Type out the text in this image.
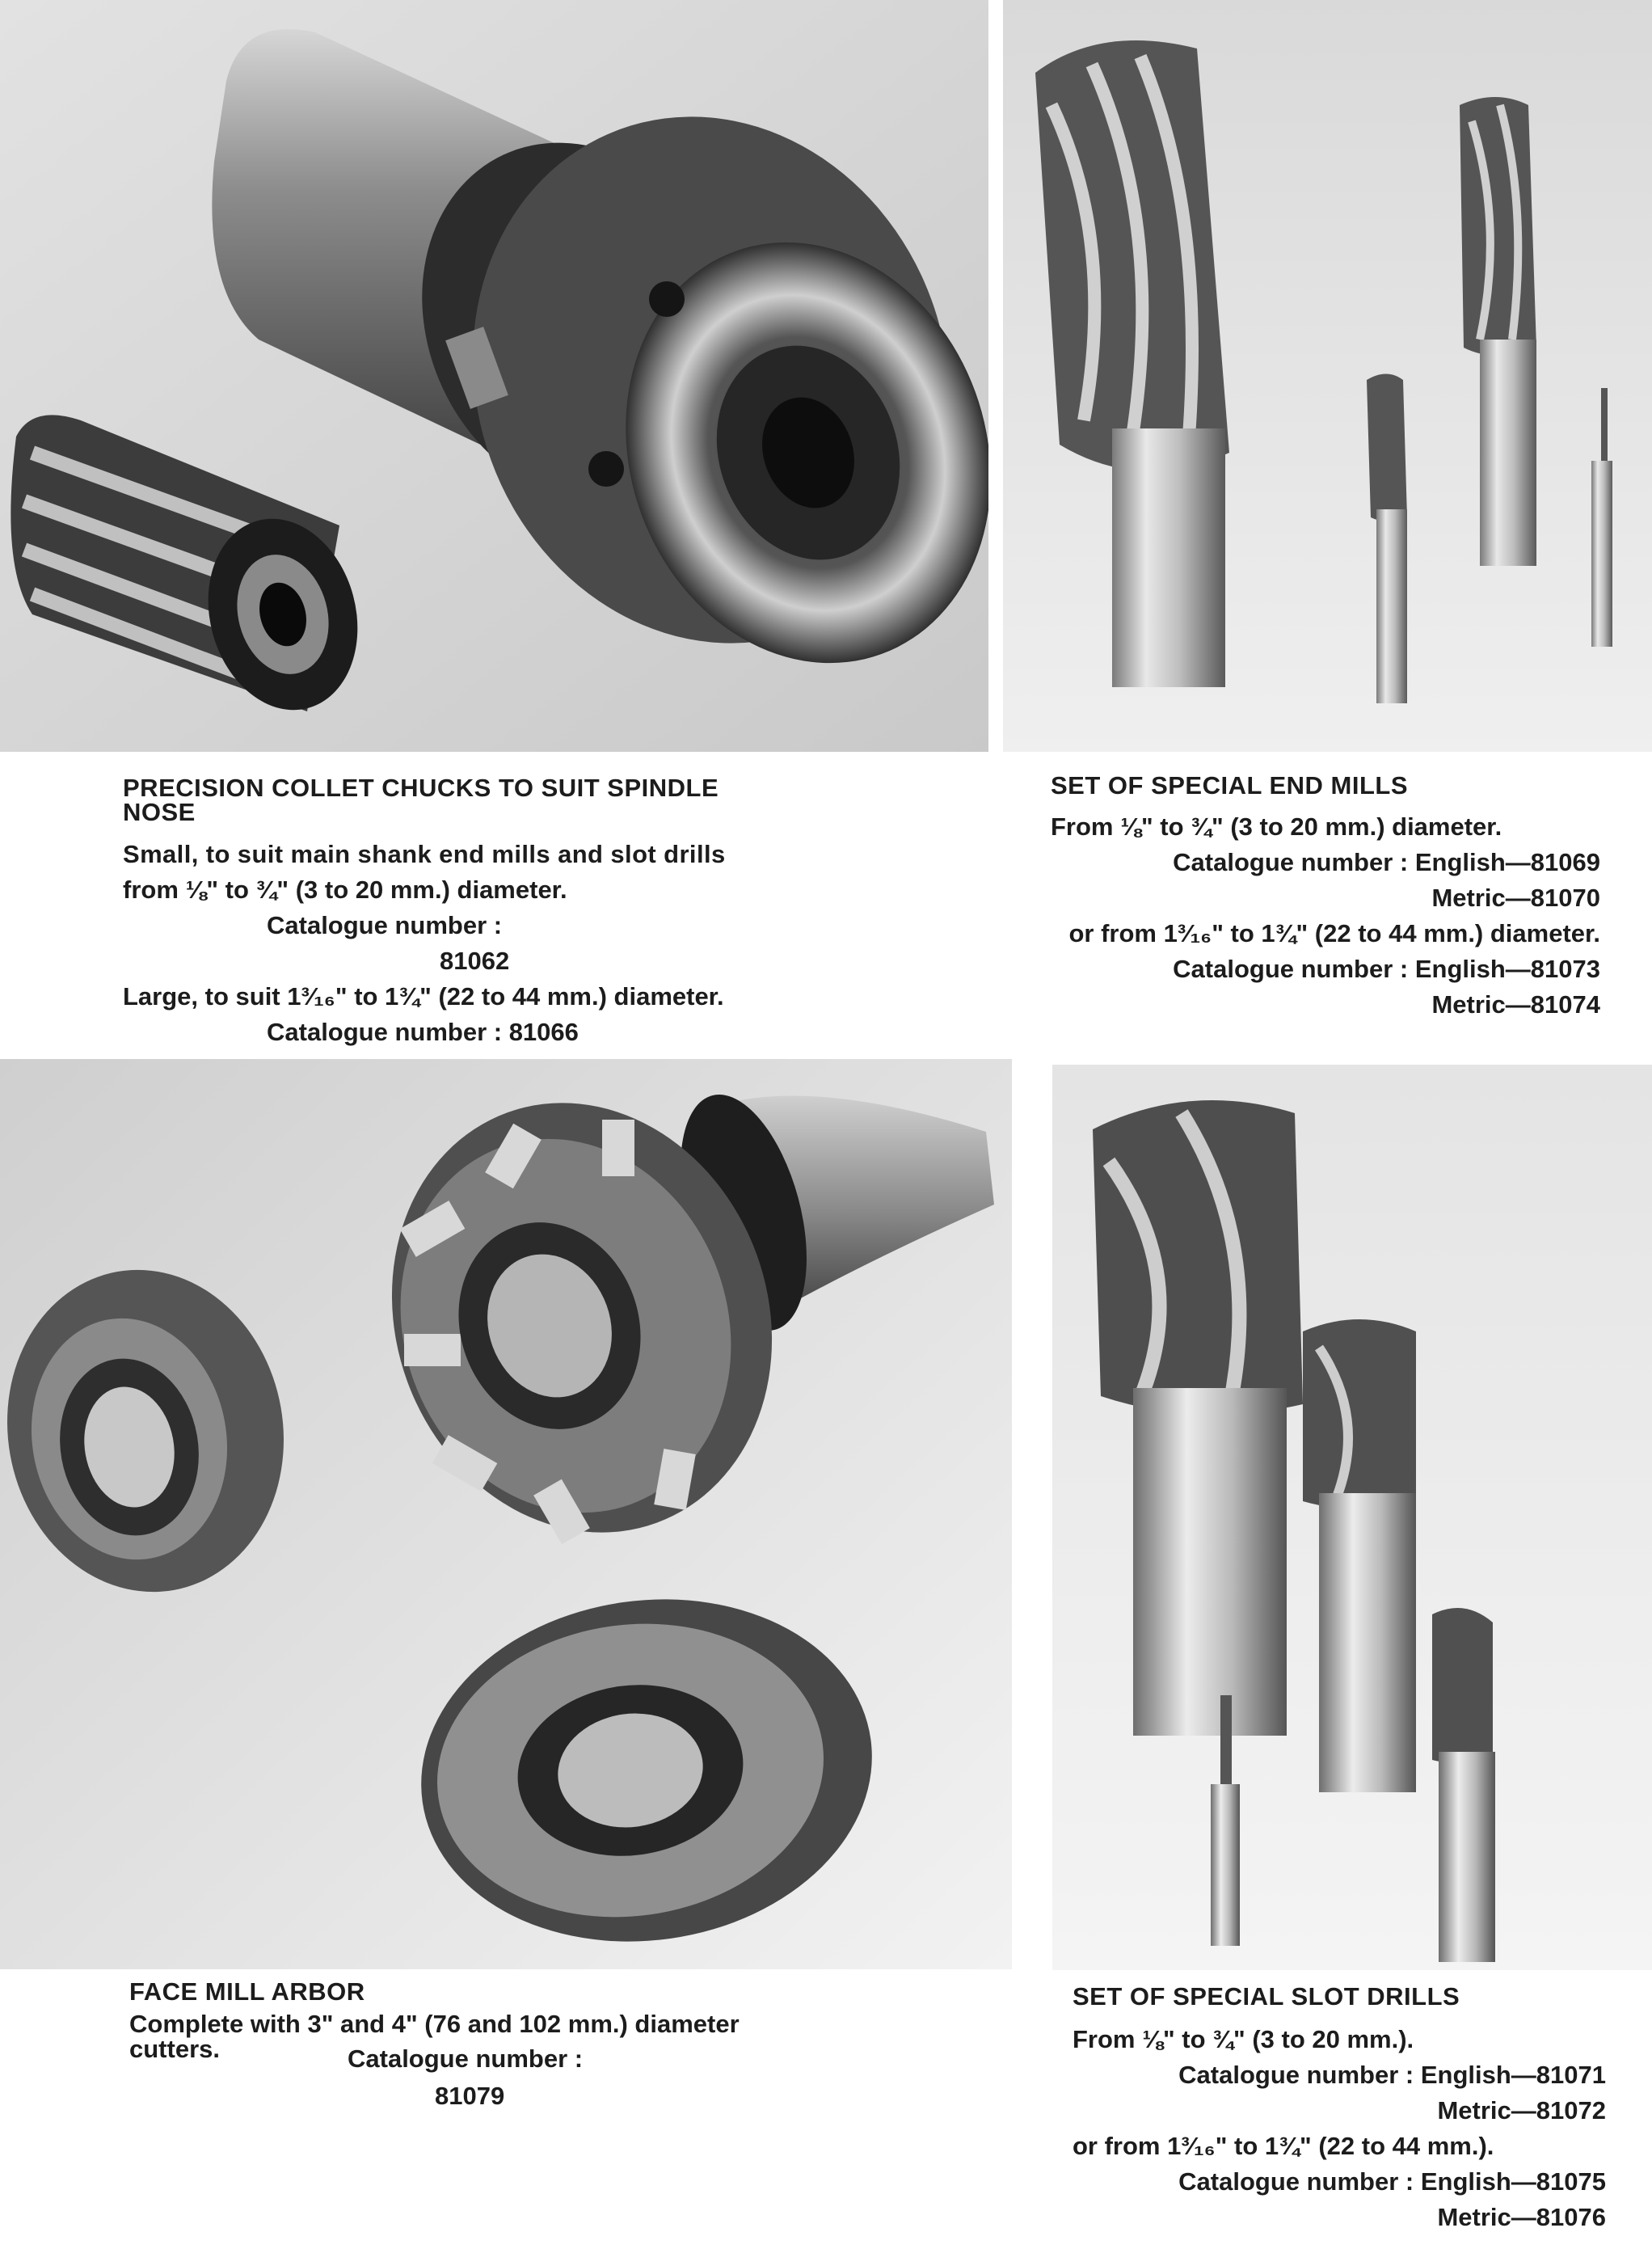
PRECISION COLLET CHUCKS TO SUIT SPINDLE
NOSE
Small, to suit main shank end mills and slot drills
from ⅛" to ¾" (3 to 20 mm.) diameter.
Catalogue number :
81062
Large, to suit 1³⁄₁₆" to 1¾" (22 to 44 mm.) diameter.
Catalogue number : 81066
SET OF SPECIAL END MILLS
From ⅛" to ¾" (3 to 20 mm.) diameter.
Catalogue number : English—81069
Metric—81070
or from 1³⁄₁₆" to 1¾" (22 to 44 mm.) diameter.
Catalogue number : English—81073
Metric—81074
FACE MILL ARBOR
Complete with 3" and 4" (76 and 102 mm.) diameter
cutters.	Catalogue number :
81079
SET OF SPECIAL SLOT DRILLS
From ⅛" to ¾" (3 to 20 mm.).
Catalogue number : English—81071
Metric—81072
or from 1³⁄₁₆" to 1¾" (22 to 44 mm.).
Catalogue number : English—81075
Metric—81076
